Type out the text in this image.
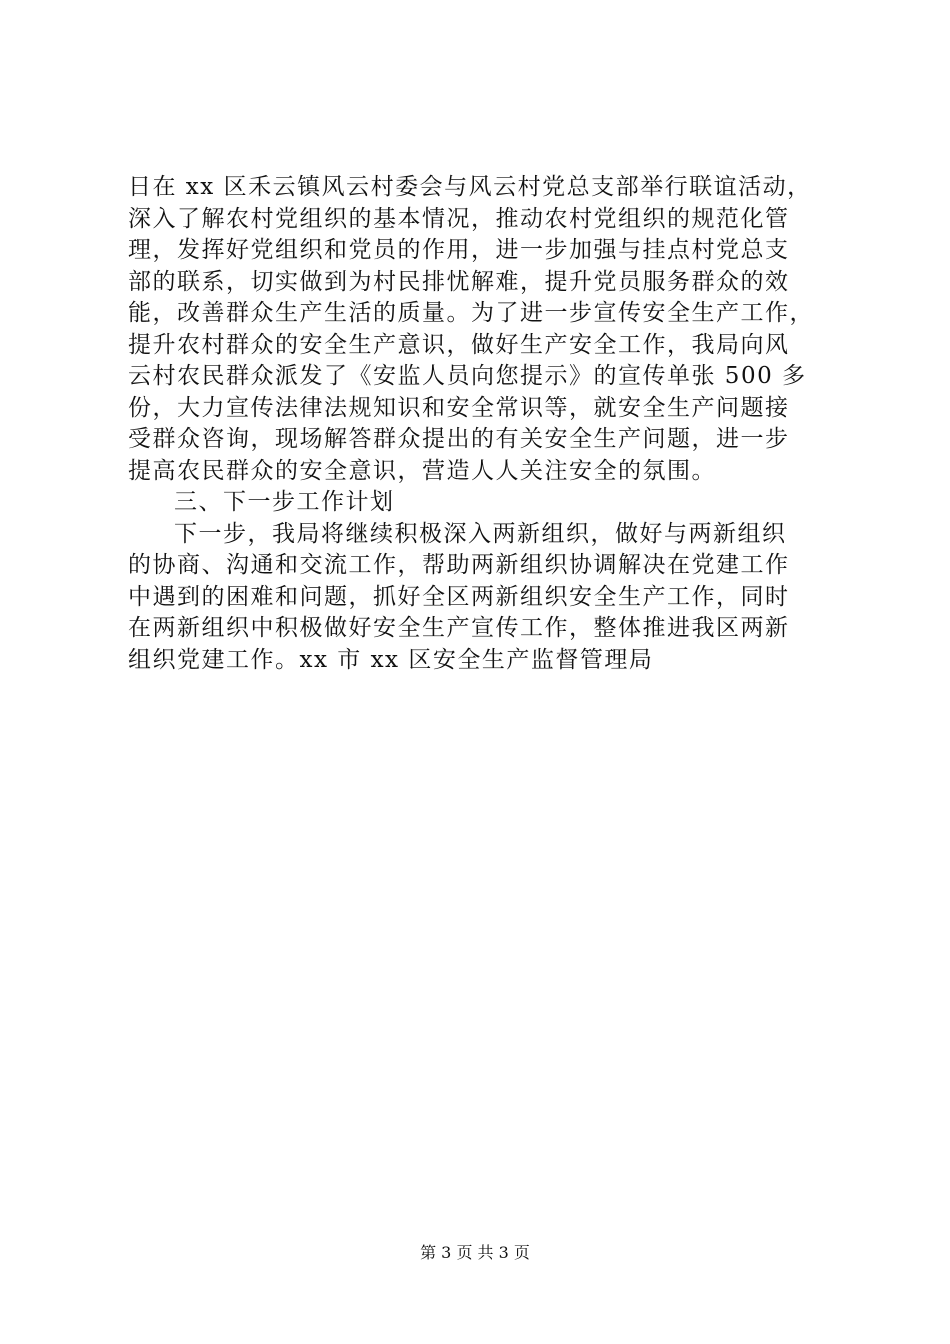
日在 xx 区禾云镇风云村委会与风云村党总支部举行联谊活动，
深入了解农村党组织的基本情况，推动农村党组织的规范化管
理，发挥好党组织和党员的作用，进一步加强与挂点村党总支
部的联系，切实做到为村民排忧解难，提升党员服务群众的效
能，改善群众生产生活的质量。为了进一步宣传安全生产工作，
提升农村群众的安全生产意识，做好生产安全工作，我局向风
云村农民群众派发了《安监人员向您提示》的宣传单张 500 多
份，大力宣传法律法规知识和安全常识等，就安全生产问题接
受群众咨询，现场解答群众提出的有关安全生产问题，进一步
提高农民群众的安全意识，营造人人关注安全的氛围。
三、下一步工作计划
下一步，我局将继续积极深入两新组织，做好与两新组织
的协商、沟通和交流工作，帮助两新组织协调解决在党建工作
中遇到的困难和问题，抓好全区两新组织安全生产工作，同时
在两新组织中积极做好安全生产宣传工作，整体推进我区两新
组织党建工作。xx 市 xx 区安全生产监督管理局
第 3 页 共 3 页
